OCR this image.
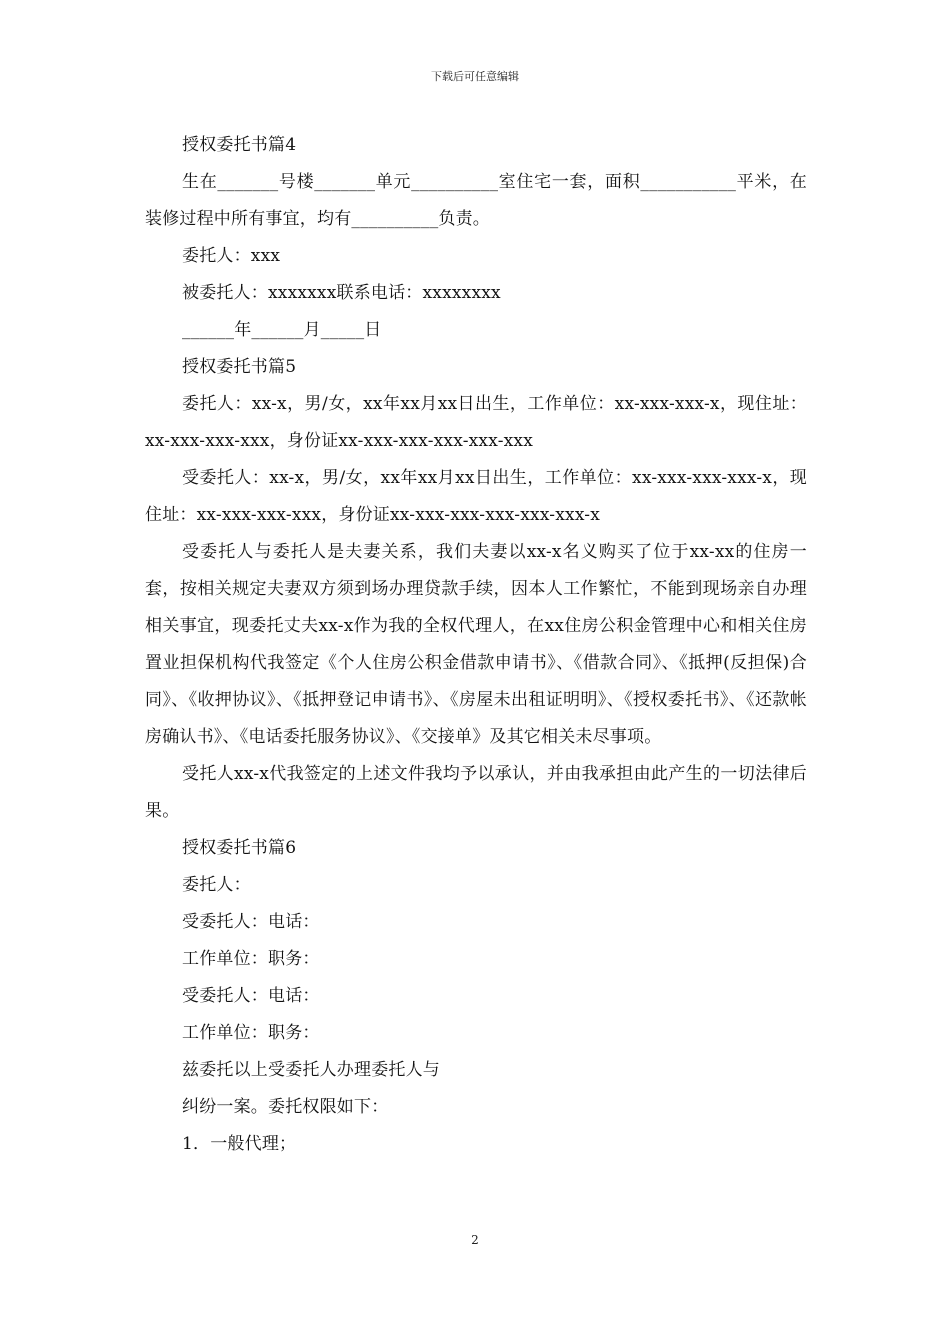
下载后可任意编辑

授权委托书篇4

生在_______号楼_______单元__________室住宅一套，面积___________平米，在装修过程中所有事宜，均有__________负责。

委托人：xxx

被委托人：xxxxxxx联系电话：xxxxxxxx

______年______月_____日

授权委托书篇5

委托人：xx-x，男/女，xx年xx月xx日出生，工作单位：xx-xxx-xxx-x，现住址：xx-xxx-xxx-xxx，身份证xx-xxx-xxx-xxx-xxx-xxx

受委托人：xx-x，男/女，xx年xx月xx日出生，工作单位：xx-xxx-xxx-xxx-x，现住址：xx-xxx-xxx-xxx，身份证xx-xxx-xxx-xxx-xxx-xxx-x

受委托人与委托人是夫妻关系，我们夫妻以xx-x名义购买了位于xx-xx的住房一套，按相关规定夫妻双方须到场办理贷款手续，因本人工作繁忙，不能到现场亲自办理相关事宜，现委托丈夫xx-x作为我的全权代理人，在xx住房公积金管理中心和相关住房置业担保机构代我签定《个人住房公积金借款申请书》、《借款合同》、《抵押(反担保)合同》、《收押协议》、《抵押登记申请书》、《房屋未出租证明明》、《授权委托书》、《还款帐房确认书》、《电话委托服务协议》、《交接单》及其它相关未尽事项。

受托人xx-x代我签定的上述文件我均予以承认，并由我承担由此产生的一切法律后果。

授权委托书篇6

委托人：

受委托人：电话：

工作单位：职务：

受委托人：电话：

工作单位：职务：

兹委托以上受委托人办理委托人与

纠纷一案。委托权限如下：

1．一般代理；

2
